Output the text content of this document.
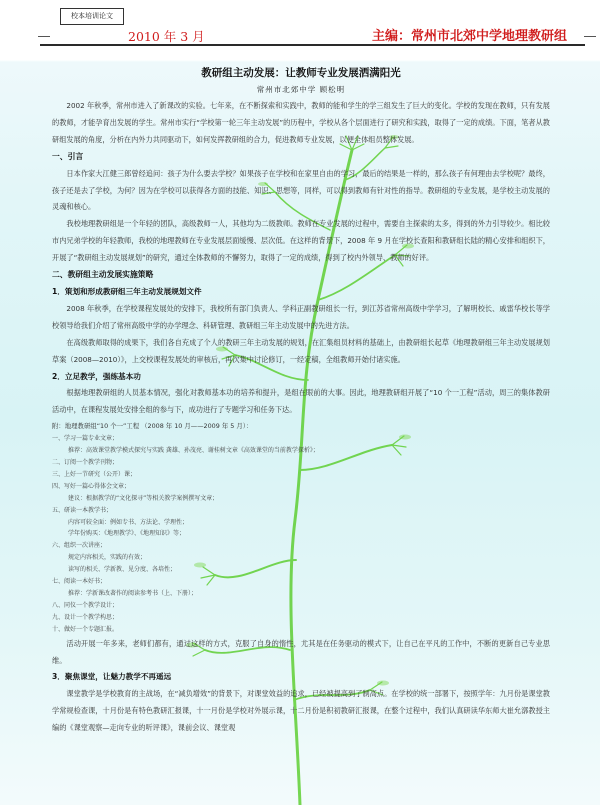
校本培训论文
2010 年 3 月	主编：常州市北郊中学地理教研组

教研组主动发展：让教师专业发展洒满阳光

常州市北郊中学 顾松明

2002 年秋季，常州市进入了新课改的实验。七年来，在不断探索和实践中，教师的能和学生的学三组发生了巨大的变化。学校的发现在教师，只有发展的教师，才能孕育出发展的学生。常州市实行“学校第一轮三年主动发展”的历程中，学校从各个层面进行了研究和实践，取得了一定的成绩。下面，笔者从教研组发展的角度，分析在内外力共同驱动下，如何发挥教研组的合力，促进教师专业发展，以便全体组员整体发展。

一、引言

日本作家大江健三郎曾经追问：孩子为什么要去学校？如果孩子在学校和在家里自由的学习，最后的结果是一样的，那么孩子有何理由去学校呢？最终，孩子还是去了学校，为何？因为在学校可以获得各方面的技能、知识、思想等，同样，可以得到教师有针对性的指导。教研组的专业发展，是学校主动发展的灵魂和核心。

我校地理教研组是一个年轻的团队，高级教师一人，其他均为二级教师。教师在专业发展的过程中，需要自主探索的太多，得到的外力引导较少。相比较市内兄弟学校的年轻教师，我校的地理教师在专业发展层面缓慢、层次低。在这样的背景下，2008 年 9 月在学校长查阳和教研组长陆的精心安排和组织下，开展了“教研组主动发展规划”的研究，通过全体教师的不懈努力，取得了一定的成绩，得到了校内外领导、教师的好评。

二、教研组主动发展实施策略

1．策划和形成教研组三年主动发展规划文件

2008 年秋季，在学校课程发展处的安排下，我校所有部门负责人、学科正副教研组长一行，到江苏省常州高级中学学习，了解明校长、戚雷华校长等学校领导给我们介绍了常州高级中学的办学理念、科研管理、教研组三年主动发展中的先进方法。

在高级教师取得的成果下，我们各自充成了个人的教研三年主动发展的规划，在汇集组员材料的基础上，由教研组长起草《地理教研组三年主动发展规划草案（2008—2010）》，上交校课程发展处的审核后，再次集中讨论修订，一经定稿，全组教师开始付诸实施。

2．立足教学，强练基本功

根据地理教研组的人员基本情况，强化对教师基本功的培养和提升，是组在眼前的大事。因此，地理教研组开展了“10 个一工程”活动，周三的集体教研活动中，在课程发展处安排全组的参与下，成功进行了专题学习和任务下达。

附：地理教研组“10 个一”工程 （2008 年 10 月——2009 年 5 月）：

一、学习一篇专业文章；
推荐：高效课堂教学模式探究与实践 龚雄、孙茂亮、谢桂树文章《高效课堂的当前教学探析》；
二、订阅一个教学刊物；
三、上好一节研究（公开）课；
四、写好一篇心得体会文章；
建议：根据教学的“文化探寻”等相关教学案例撰写文章；
五、研读一本教学书；
内容可较全面：例如专书、方法论、学理性；
学年份购买：《地理教学》、《地理知识》等；
六、组织一次讲座；
规定内容相关，实践的有效；
读写的相关、学新教、见分度、各培性；
七、阅读一本好书；
推荐：学新课改著作的阅读参考书（上、下册）；
八、同仪一个教学设计；
九、设计一个教学构思；
十、做好一个专题汇报。

活动开展一年多来，老师们都有，通过这样的方式，克服了自身的惰性，尤其是在任务驱动的模式下，让自己在平凡的工作中，不断的更新自己专业思维。

3．聚焦课堂，让魅力教学不再遥远

课堂教学是学校教育的主战场，在“减负增效”的背景下，对课堂效益的追求，已经被提高到了制高点。在学校的统一部署下，按照学年：九月份是课堂教学常规检查课，十月份是有特色教研汇报课，十一月份是学校对外展示课，十二月份是积初教研汇报课，在整个过程中，我们认真研读华东师大崔允漷教授主编的《课堂观察—走向专业的听评课》，课前会议、课堂观
